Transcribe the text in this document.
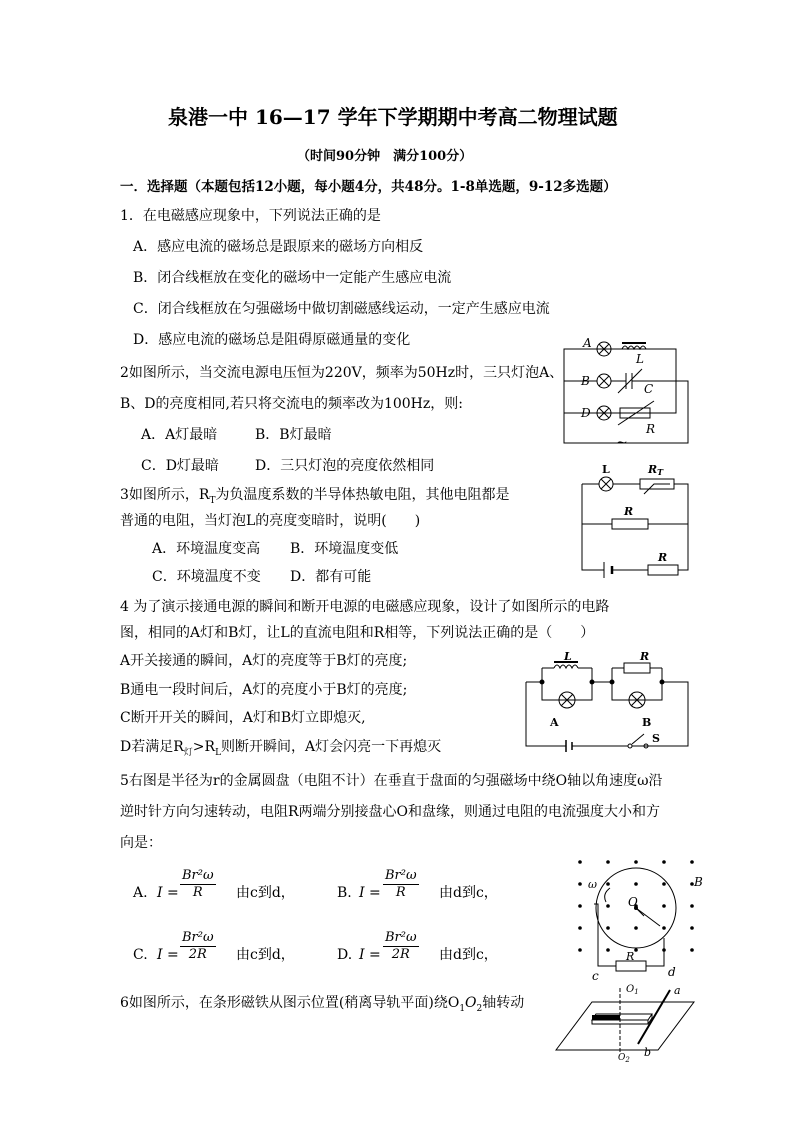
泉港一中 16—17 学年下学期期中考高二物理试题
（时间90分钟　满分100分）
一．选择题（本题包括12小题，每小题4分，共48分。1-8单选题，9-12多选题）
1．在电磁感应现象中，下列说法正确的是
A．感应电流的磁场总是跟原来的磁场方向相反
B．闭合线框放在变化的磁场中一定能产生感应电流
C．闭合线框放在匀强磁场中做切割磁感线运动，一定产生感应电流
D．感应电流的磁场总是阻碍原磁通量的变化
2如图所示，当交流电源电压恒为220V，频率为50Hz时，三只灯泡A、
B、D的亮度相同,若只将交流电的频率改为100Hz，则:
A．A灯最暗	B．B灯最暗
C．D灯最暗	D．三只灯泡的亮度依然相同
A
B
D
L
C
R
~
3如图所示，$R_T$为负温度系数的半导体热敏电阻，其他电阻都是
普通的电阻，当灯泡L的亮度变暗时，说明(　　)
A．环境温度变高 B．环境温度变低
C．环境温度不变 D．都有可能
L	RT
R
R
4 为了演示接通电源的瞬间和断开电源的电磁感应现象，设计了如图所示的电路
图，相同的A灯和B灯，让L的直流电阻和R相等，下列说法正确的是（　　）
A开关接通的瞬间，A灯的亮度等于B灯的亮度;
B通电一段时间后，A灯的亮度小于B灯的亮度;
C断开开关的瞬间，A灯和B灯立即熄灭,
D若满足$R_灯>R_L$则断开瞬间，A灯会闪亮一下再熄灭
L	R
A	B
S
5右图是半径为r的金属圆盘（电阻不计）在垂直于盘面的匀强磁场中绕O轴以角速度ω沿
逆时针方向匀速转动，电阻R两端分别接盘心O和盘缘，则通过电阻的电流强度大小和方
向是：
A. $I = \frac{\text{Br²ω}}{R}$ 由c到d，	B. $I = \frac{\text{Br²ω}}{R}$ 由d到c，
C. $I = \frac{\text{Br²ω}}{2R}$ 由c到d，	D. $I = \frac{\text{Br²ω}}{2R}$ 由d到c，
ω	B
O
R
c	d
6如图所示，在条形磁铁从图示位置(稍离导轨平面)绕$O_1O_2$轴转动
$O_1$
$O_2$
a
b
